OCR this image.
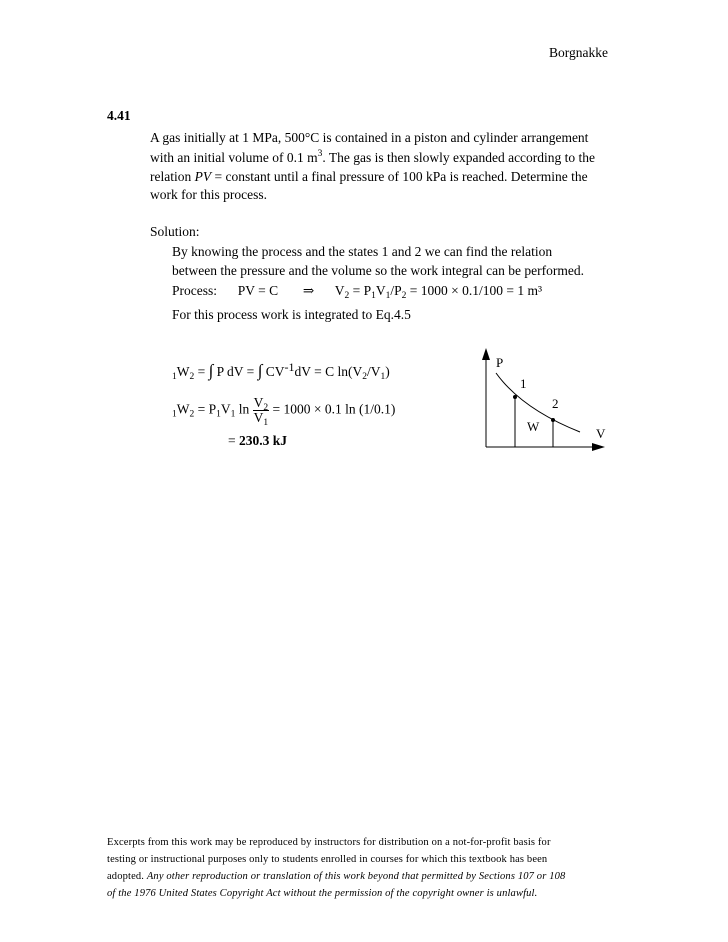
Borgnakke
4.41
A gas initially at 1 MPa, 500°C is contained in a piston and cylinder arrangement
with an initial volume of 0.1 $m^3$. The gas is then slowly expanded according to the
relation PV = constant until a final pressure of 100 kPa is reached. Determine the
work for this process.
Solution:
By knowing the process and the states 1 and 2 we can find the relation
between the pressure and the volume so the work integral can be performed.
Process: PV = C ⇒ $V_2 = P_1V_1/P_2 = 1000 \times 0.1/100 = 1$ m³
For this process work is integrated to Eq.4.5
$_1W_2$ = ∫ P dV = ∫ $CV^{-1}dV = C$ $\ln(V_2/V_1)$
$_1W_2 = P_1V_1$ $\ln \frac{V_2}{V_1} = 1000 \times 0.1$ ln (1/0.1)
= 230.3 kJ
P
1
2
W	V
Excerpts from this work may be reproduced by instructors for distribution on a not-for-profit basis for
testing or instructional purposes only to students enrolled in courses for which this textbook has been
adopted. Any other reproduction or translation of this work beyond that permitted by Sections 107 or 108
of the 1976 United States Copyright Act without the permission of the copyright owner is unlawful.
